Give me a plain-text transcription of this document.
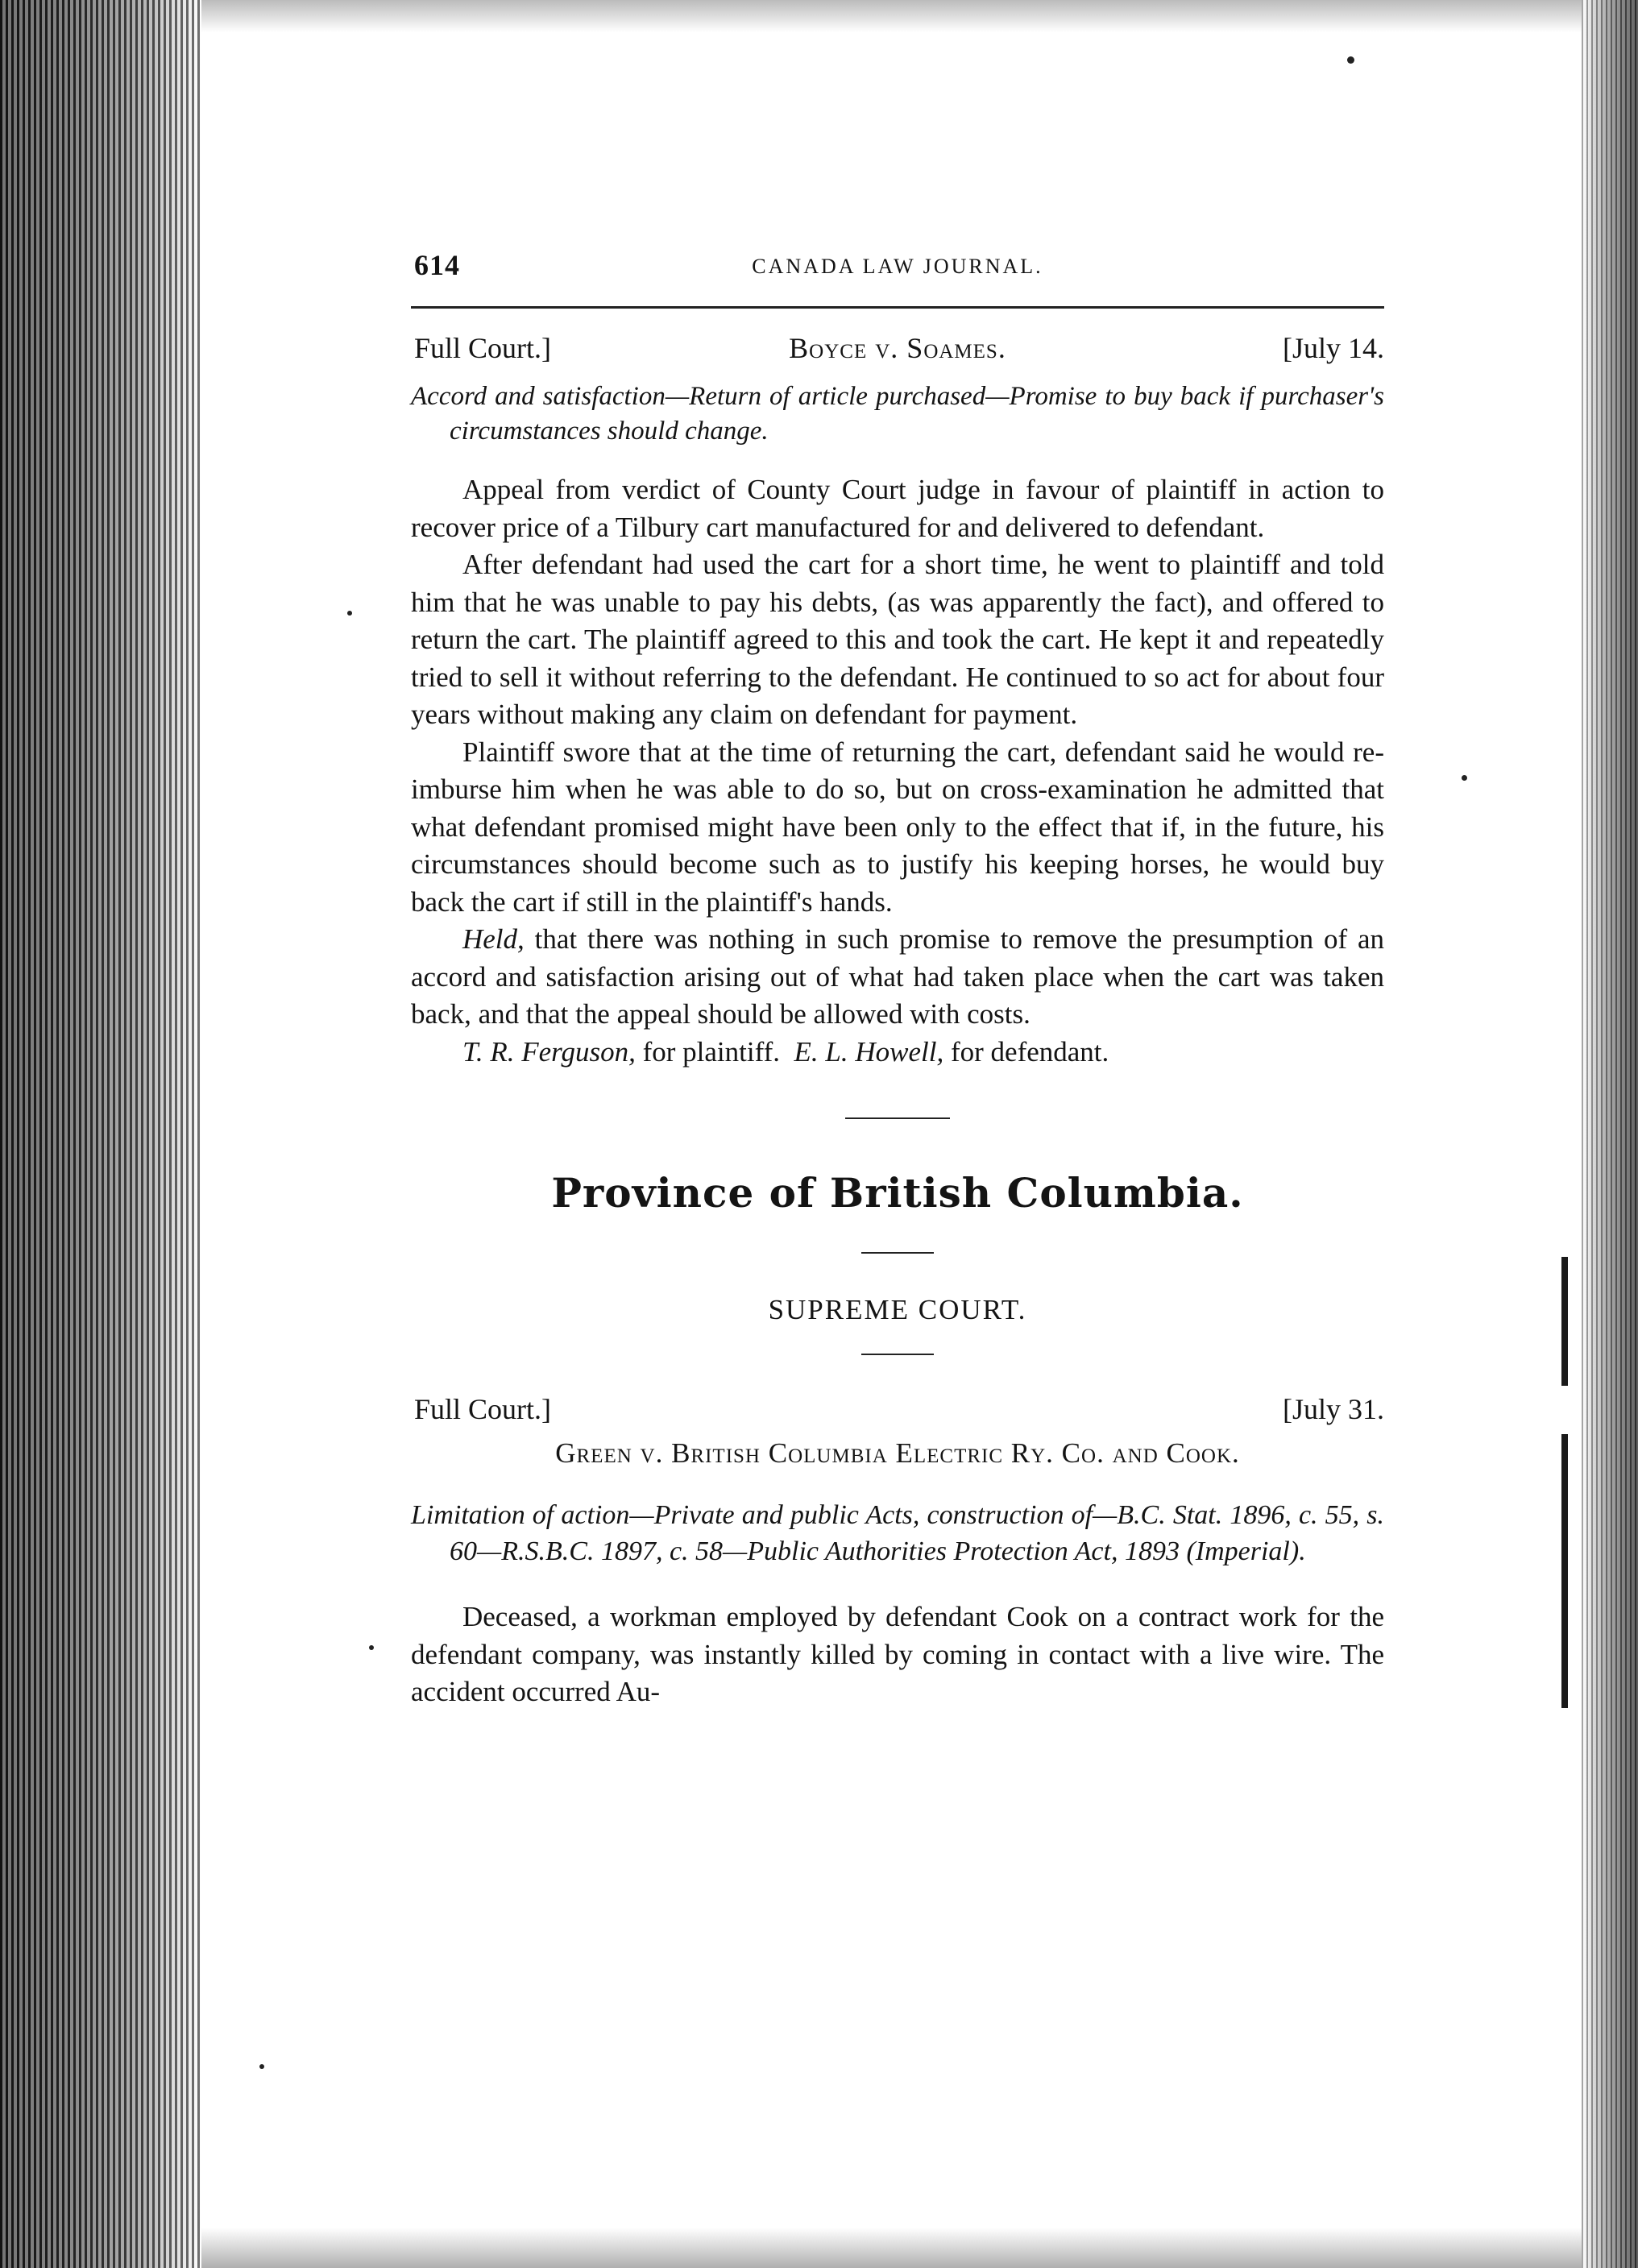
614	CANADA LAW JOURNAL.
Full Court.]	Boyce v. Soames.	[July 14.

Accord and satisfaction—Return of article purchased—Promise to buy back if purchaser's circumstances should change.

Appeal from verdict of County Court judge in favour of plaintiff in action to recover price of a Tilbury cart manufactured for and delivered to defendant.

After defendant had used the cart for a short time, he went to plaintiff and told him that he was unable to pay his debts, (as was apparently the fact), and offered to return the cart. The plaintiff agreed to this and took the cart. He kept it and repeatedly tried to sell it without referring to the defendant. He continued to so act for about four years without making any claim on defendant for payment.

Plaintiff swore that at the time of returning the cart, defendant said he would re-imburse him when he was able to do so, but on cross-examination he admitted that what defendant promised might have been only to the effect that if, in the future, his circumstances should become such as to justify his keeping horses, he would buy back the cart if still in the plaintiff's hands.

Held, that there was nothing in such promise to remove the presumption of an accord and satisfaction arising out of what had taken place when the cart was taken back, and that the appeal should be allowed with costs.

T. R. Ferguson, for plaintiff. E. L. Howell, for defendant.

Province of British Columbia.
SUPREME COURT.
Full Court.]	[July 31.
Green v. British Columbia Electric Ry. Co. and Cook.

Limitation of action—Private and public Acts, construction of—B.C. Stat. 1896, c. 55, s. 60—R.S.B.C. 1897, c. 58—Public Authorities Protection Act, 1893 (Imperial).

Deceased, a workman employed by defendant Cook on a contract work for the defendant company, was instantly killed by coming in contact with a live wire. The accident occurred Au-
